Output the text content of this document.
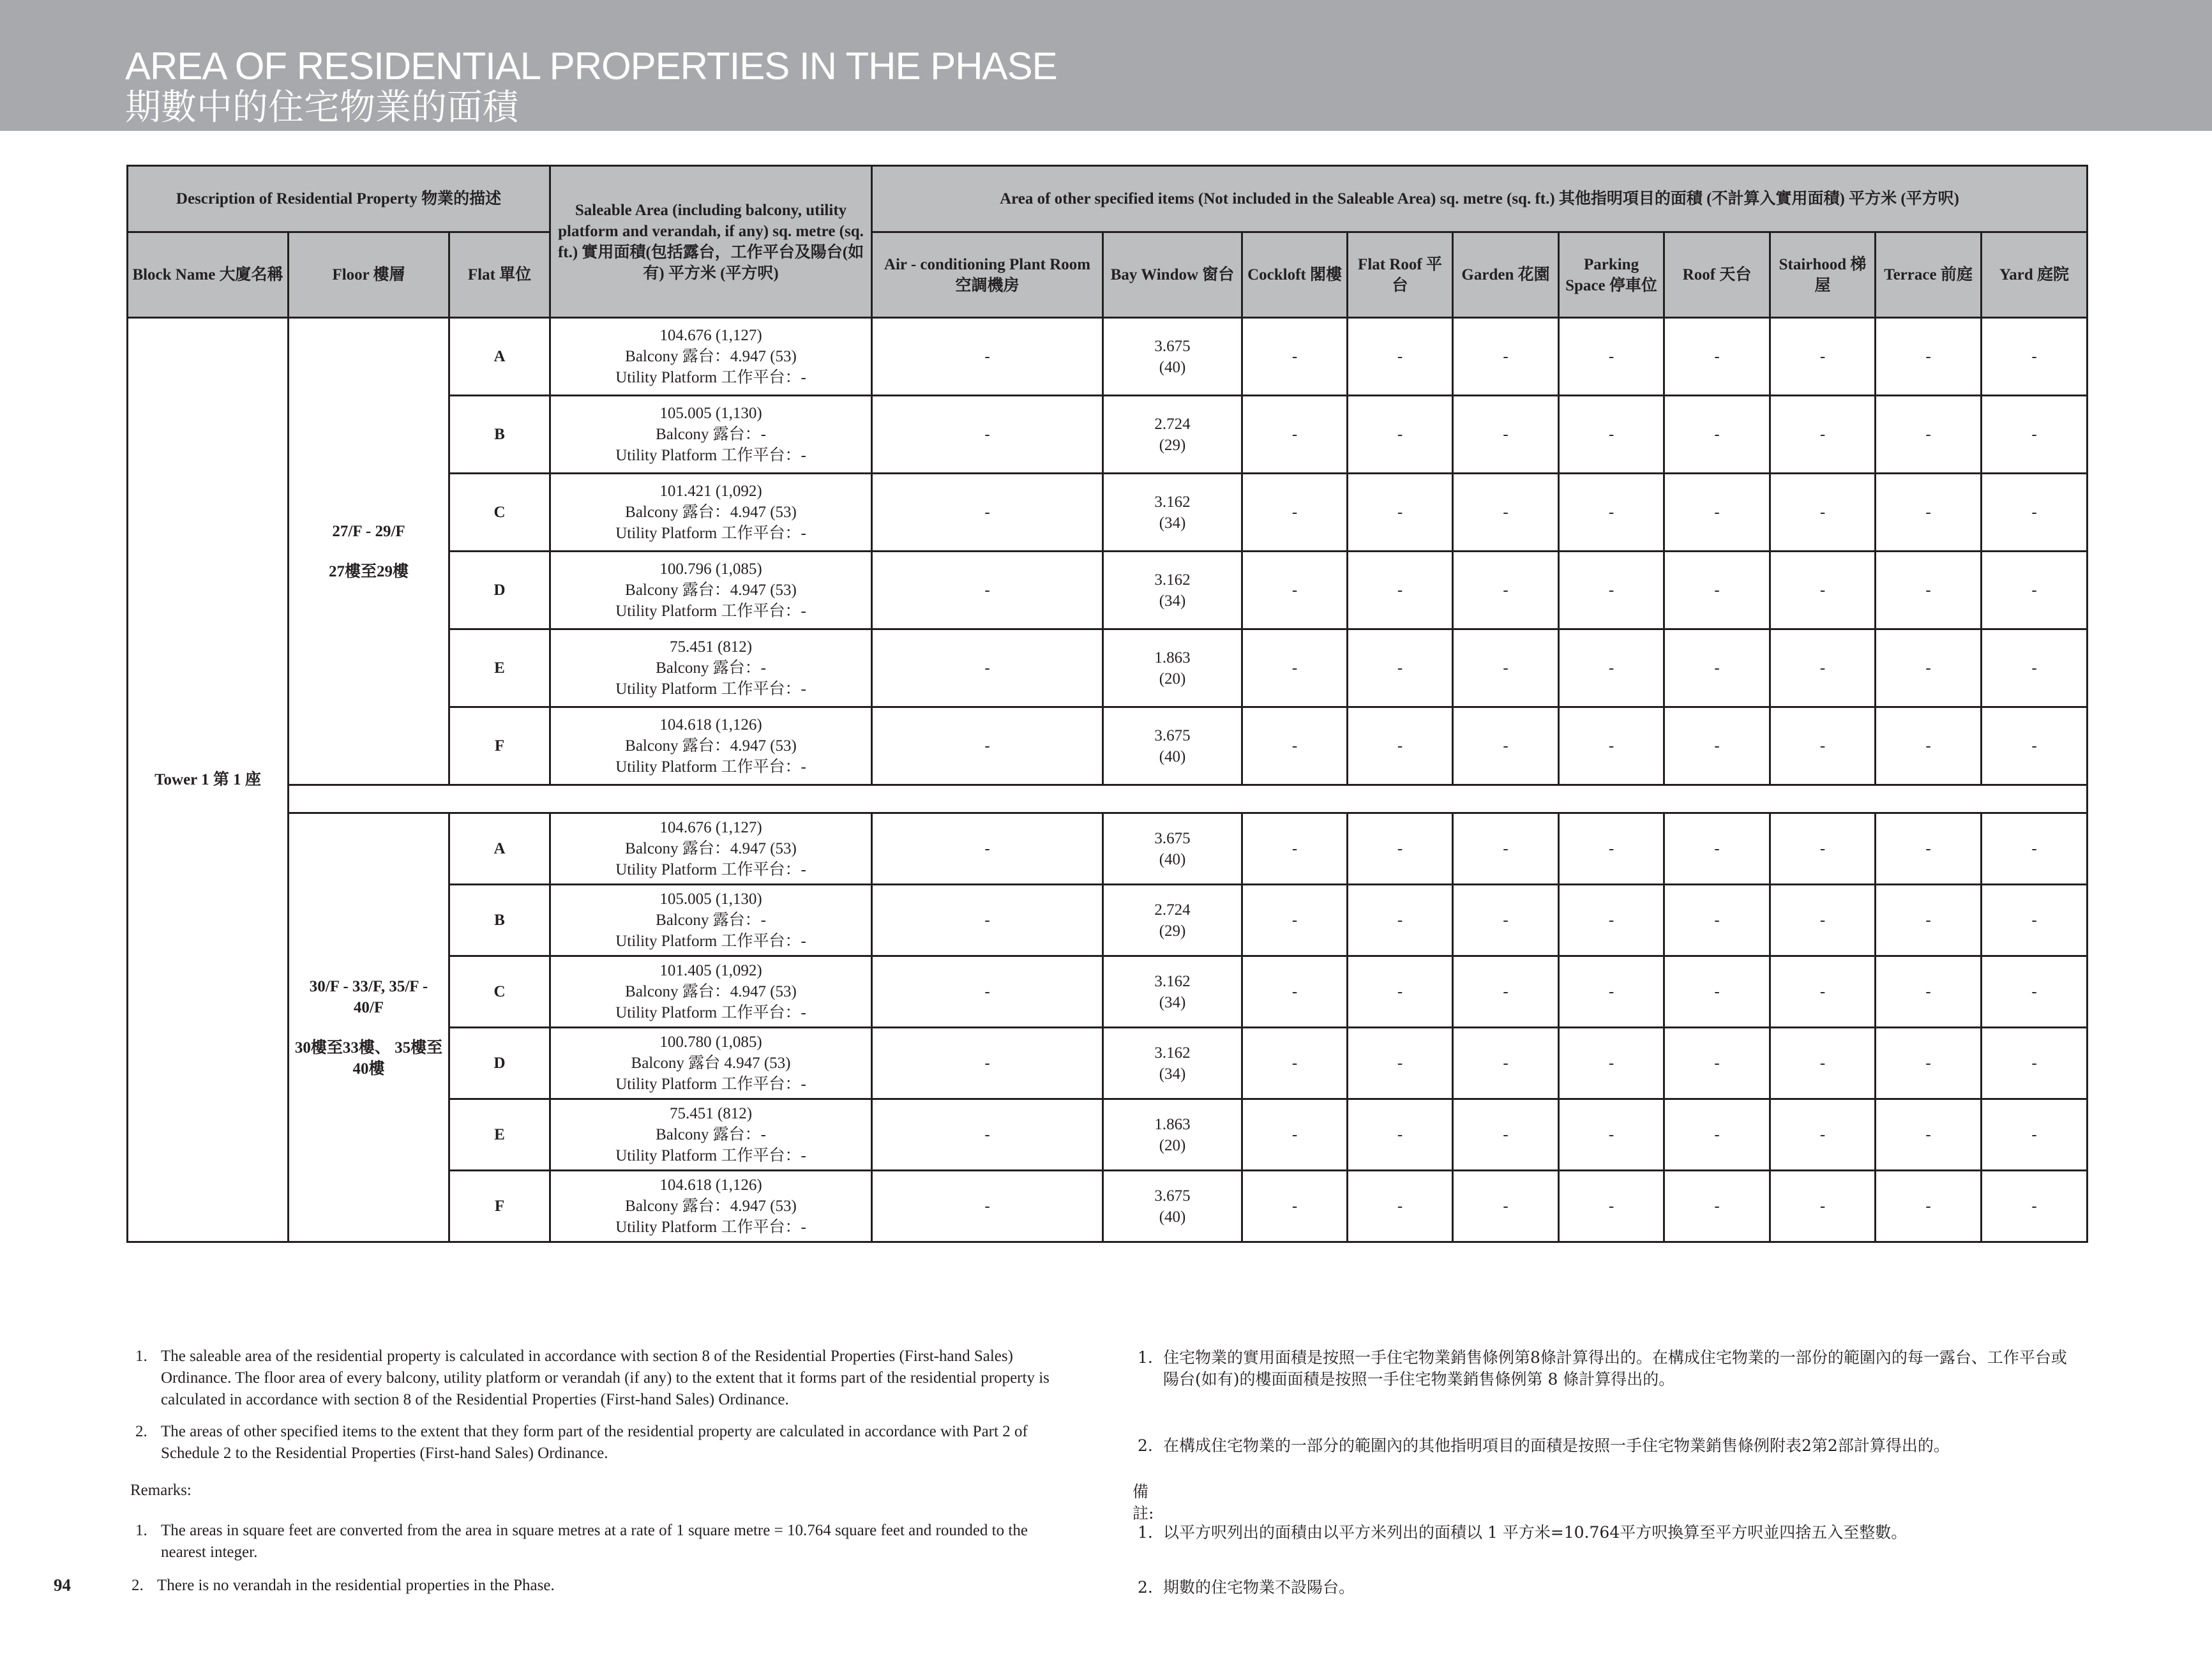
AREA OF RESIDENTIAL PROPERTIES IN THE PHASE
期數中的住宅物業的面積
Description of Residential Property 物業的描述			Saleable Area (including balcony, utility platform and verandah, if any) sq. metre (sq. ft.) 實用面積(包括露台，工作平台及陽台(如有) 平方米 (平方呎)	Area of other specified items (Not included in the Saleable Area) sq. metre (sq. ft.) 其他指明項目的面積 (不計算入實用面積) 平方米 (平方呎)									
Block Name 大廈名稱	Floor 樓層	Flat 單位		Air - conditioning Plant Room 空調機房	Bay Window 窗台	Cockloft 閣樓	Flat Roof 平台	Garden 花園	Parking Space 停車位	Roof 天台	Stairhood 梯屋	Terrace 前庭	Yard 庭院
Tower 1 第 1 座	27/F - 29/F
27樓至29樓	A	104.676 (1,127)
Balcony 露台：4.947 (53)
Utility Platform 工作平台：-	-	3.675
(40)	-	-	-	-	-	-	-	-
		B	105.005 (1,130)
Balcony 露台：-
Utility Platform 工作平台：-	-	2.724
(29)	-	-	-	-	-	-	-	-
		C	101.421 (1,092)
Balcony 露台：4.947 (53)
Utility Platform 工作平台：-	-	3.162
(34)	-	-	-	-	-	-	-	-
		D	100.796 (1,085)
Balcony 露台：4.947 (53)
Utility Platform 工作平台：-	-	3.162
(34)	-	-	-	-	-	-	-	-
		E	75.451 (812)
Balcony 露台：-
Utility Platform 工作平台：-	-	1.863
(20)	-	-	-	-	-	-	-	-
		F	104.618 (1,126)
Balcony 露台：4.947 (53)
Utility Platform 工作平台：-	-	3.675
(40)	-	-	-	-	-	-	-	-

	30/F - 33/F, 35/F - 40/F
30樓至33樓、 35樓至40樓	A	104.676 (1,127)
Balcony 露台：4.947 (53)
Utility Platform 工作平台：-	-	3.675
(40)	-	-	-	-	-	-	-	-
		B	105.005 (1,130)
Balcony 露台：-
Utility Platform 工作平台：-	-	2.724
(29)	-	-	-	-	-	-	-	-
		C	101.405 (1,092)
Balcony 露台：4.947 (53)
Utility Platform 工作平台：-	-	3.162
(34)	-	-	-	-	-	-	-	-
		D	100.780 (1,085)
Balcony 露台 4.947 (53)
Utility Platform 工作平台：-	-	3.162
(34)	-	-	-	-	-	-	-	-
		E	75.451 (812)
Balcony 露台：-
Utility Platform 工作平台：-	-	1.863
(20)	-	-	-	-	-	-	-	-
		F	104.618 (1,126)
Balcony 露台：4.947 (53)
Utility Platform 工作平台：-	-	3.675
(40)	-	-	-	-	-	-	-	-
1. The saleable area of the residential property is calculated in accordance with section 8 of the Residential Properties (First-hand Sales) Ordinance. The floor area of every balcony, utility platform or verandah (if any) to the extent that it forms part of the residential property is calculated in accordance with section 8 of the Residential Properties (First-hand Sales) Ordinance.
2. The areas of other specified items to the extent that they form part of the residential property are calculated in accordance with Part 2 of Schedule 2 to the Residential Properties (First-hand Sales) Ordinance.
Remarks:
1. The areas in square feet are converted from the area in square metres at a rate of 1 square metre = 10.764 square feet and rounded to the nearest integer.
2. There is no verandah in the residential properties in the Phase.
1. 住宅物業的實用面積是按照一手住宅物業銷售條例第8條計算得出的。在構成住宅物業的一部份的範圍內的每一露台、工作平台或陽台(如有)的樓面面積是按照一手住宅物業銷售條例第 8 條計算得出的。
2. 在構成住宅物業的一部分的範圍內的其他指明項目的面積是按照一手住宅物業銷售條例附表2第2部計算得出的。
備註:
1. 以平方呎列出的面積由以平方米列出的面積以 1 平方米=10.764平方呎換算至平方呎並四捨五入至整數。
2. 期數的住宅物業不設陽台。
94
